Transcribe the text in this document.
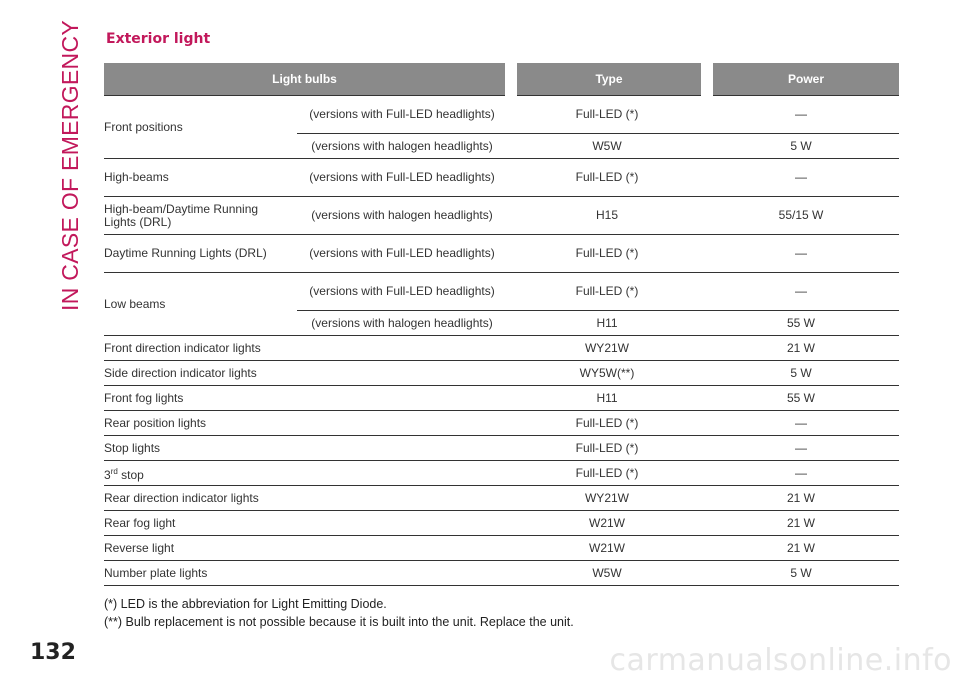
IN CASE OF EMERGENCY Exterior light
Light bulbs		Type	Power
Front positions	(versions with Full-LED headlights)	Full-LED (*)	—
	(versions with halogen headlights)	W5W	5 W
High-beams	(versions with Full-LED headlights)	Full-LED (*)	—
High-beam/Daytime Running Lights (DRL)	(versions with halogen headlights)	H15	55/15 W
Daytime Running Lights (DRL)	(versions with Full-LED headlights)	Full-LED (*)	—
Low beams	(versions with Full-LED headlights)	Full-LED (*)	—
	(versions with halogen headlights)	H11	55 W
Front direction indicator lights		WY21W	21 W
Side direction indicator lights		WY5W(**)	5 W
Front fog lights		H11	55 W
Rear position lights		Full-LED (*)	—
Stop lights		Full-LED (*)	—
3rd stop		Full-LED (*)	—
Rear direction indicator lights		WY21W	21 W
Rear fog light		W21W	21 W
Reverse light		W21W	21 W
Number plate lights		W5W	5 W
(*) LED is the abbreviation for Light Emitting Diode.
(**) Bulb replacement is not possible because it is built into the unit. Replace the unit.
132	carmanualsonline.info
